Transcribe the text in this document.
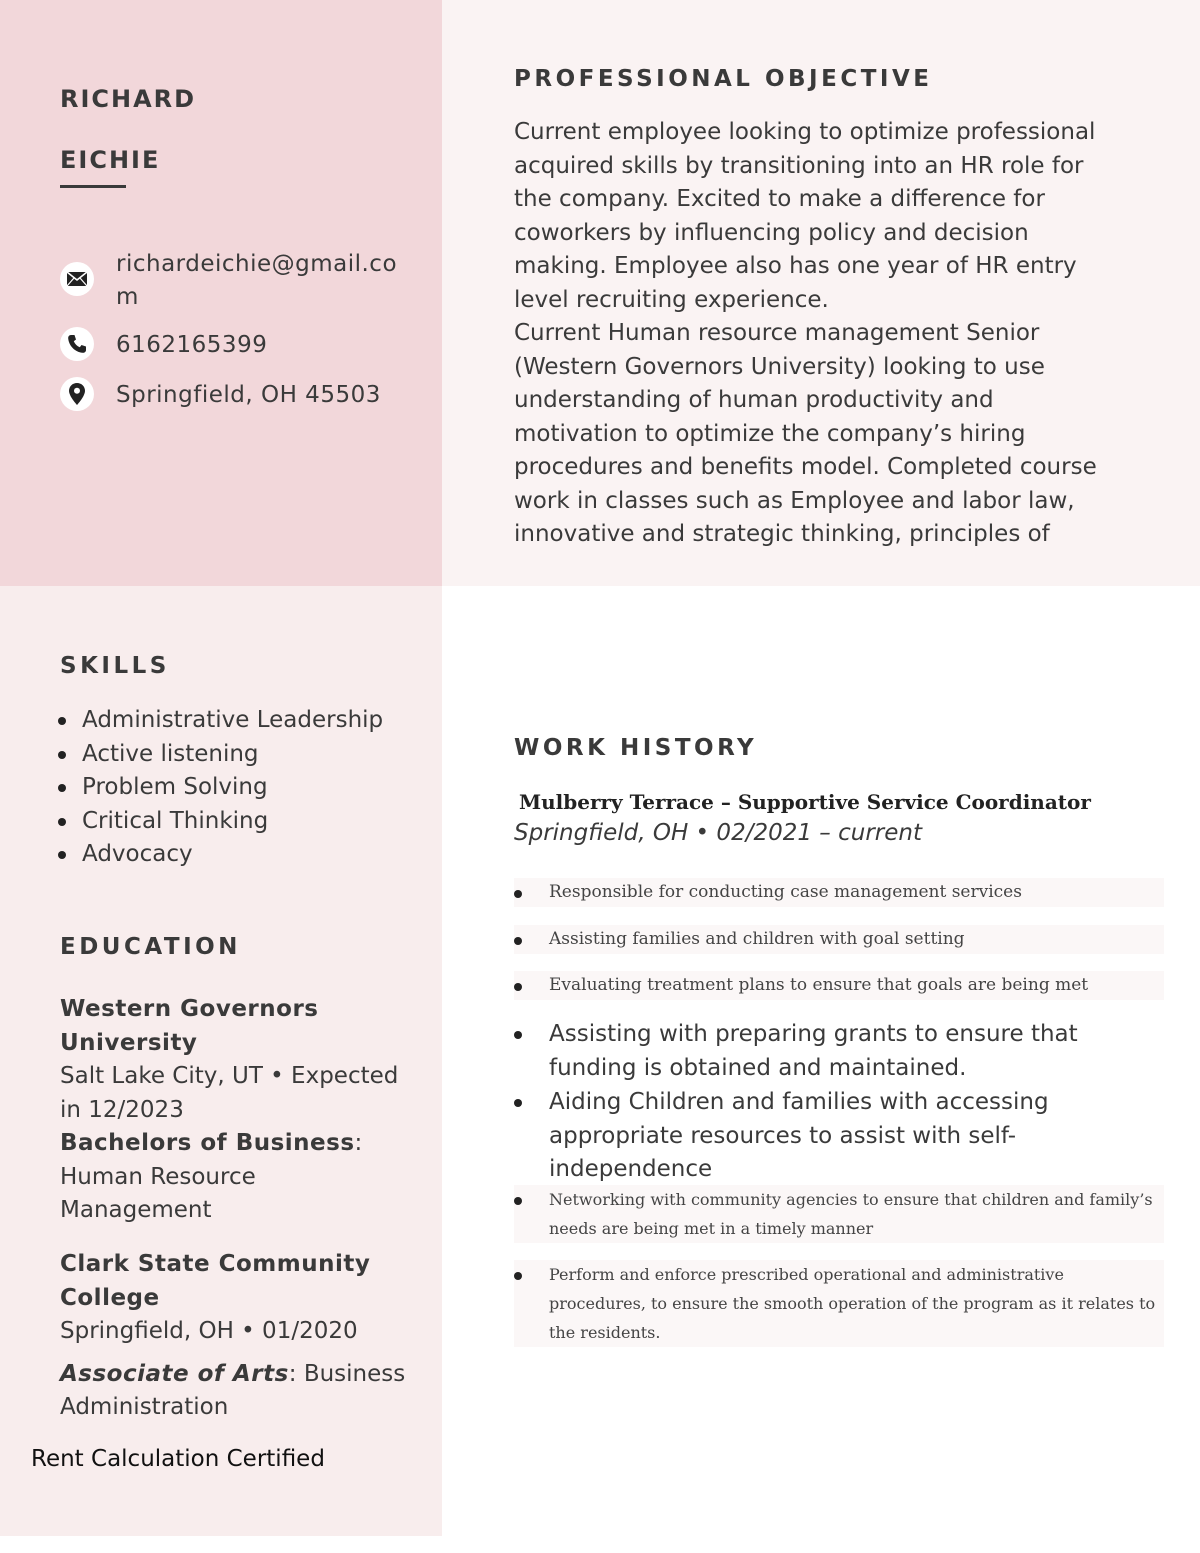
RICHARD
EICHIE
richardeichie@gmail.co
m
6162165399
Springfield, OH 45503
PROFESSIONAL OBJECTIVE
Current employee looking to optimize professional
acquired skills by transitioning into an HR role for
the company. Excited to make a difference for
coworkers by influencing policy and decision
making. Employee also has one year of HR entry
level recruiting experience.
Current Human resource management Senior
(Western Governors University) looking to use
understanding of human productivity and
motivation to optimize the company’s hiring
procedures and benefits model. Completed course
work in classes such as Employee and labor law,
innovative and strategic thinking, principles of
SKILLS
Administrative Leadership
Active listening
Problem Solving
Critical Thinking
Advocacy
EDUCATION
Western Governors
University
Salt Lake City, UT • Expected
in 12/2023
Bachelors of Business:
Human Resource
Management
Clark State Community
College
Springfield, OH • 01/2020
Associate of Arts: Business
Administration
Rent Calculation Certified
WORK HISTORY
Mulberry Terrace – Supportive Service Coordinator
Springfield, OH • 02/2021 – current
Responsible for conducting case management services
Assisting families and children with goal setting
Evaluating treatment plans to ensure that goals are being met
Assisting with preparing grants to ensure that
funding is obtained and maintained.
Aiding Children and families with accessing
appropriate resources to assist with self-
independence
Networking with community agencies to ensure that children and family’s
needs are being met in a timely manner
Perform and enforce prescribed operational and administrative
procedures, to ensure the smooth operation of the program as it relates to
the residents.
